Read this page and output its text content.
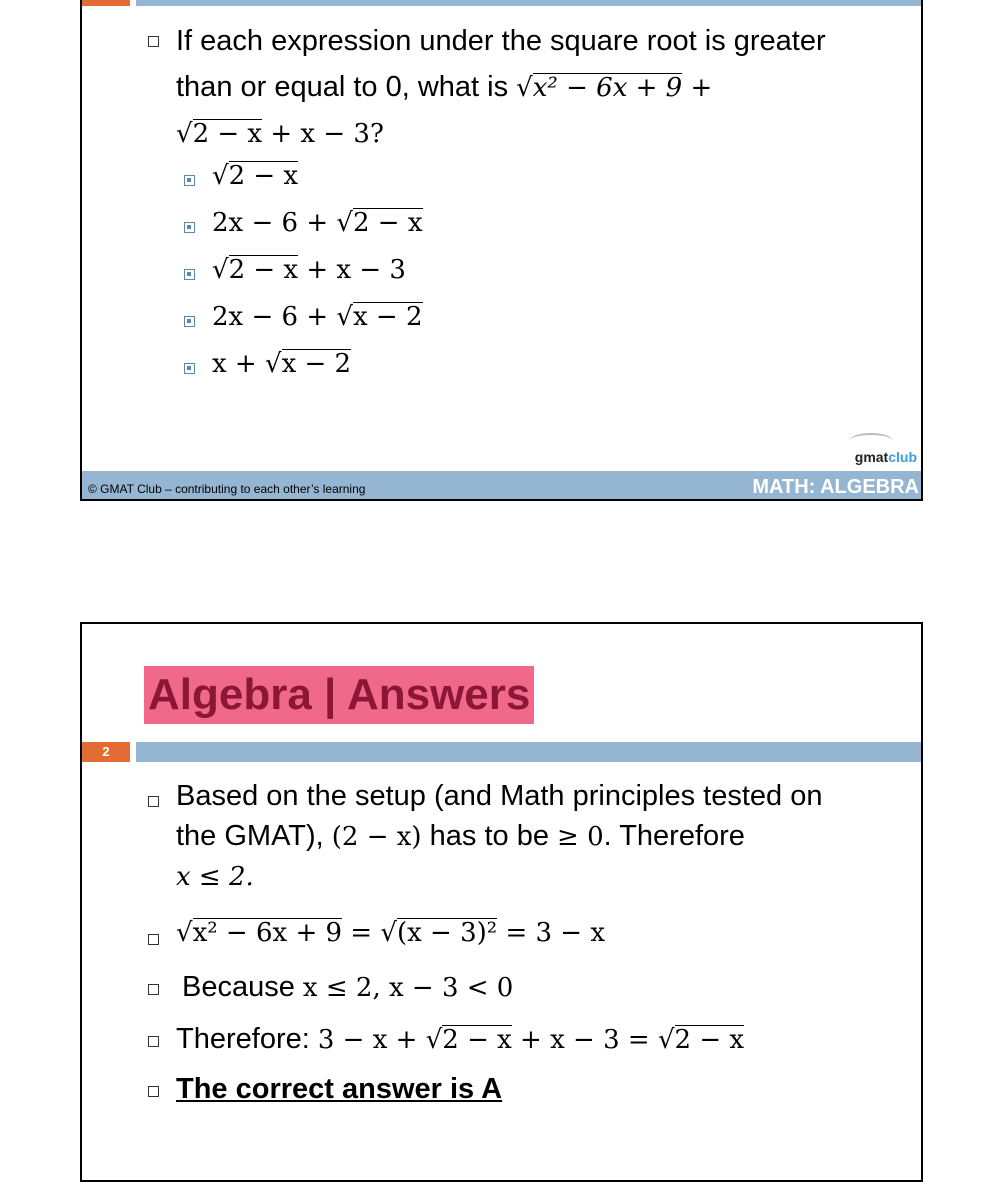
If each expression under the square root is greater
than or equal to 0, what is √x² − 6x + 9 +
√2 − x + x − 3?
√2 − x
2x − 6 + √2 − x
√2 − x + x − 3
2x − 6 + √x − 2
x + √x − 2
gmatclub
© GMAT Club – contributing to each other’s learning	MATH: ALGEBRA
Algebra | Answers
2
Based on the setup (and Math principles tested on
the GMAT), (2 − x) has to be ≥ 0. Therefore
x ≤ 2.
√x² − 6x + 9 = √(x − 3)² = 3 − x
Because x ≤ 2, x − 3 < 0
Therefore: 3 − x + √2 − x + x − 3 = √2 − x
The correct answer is A
